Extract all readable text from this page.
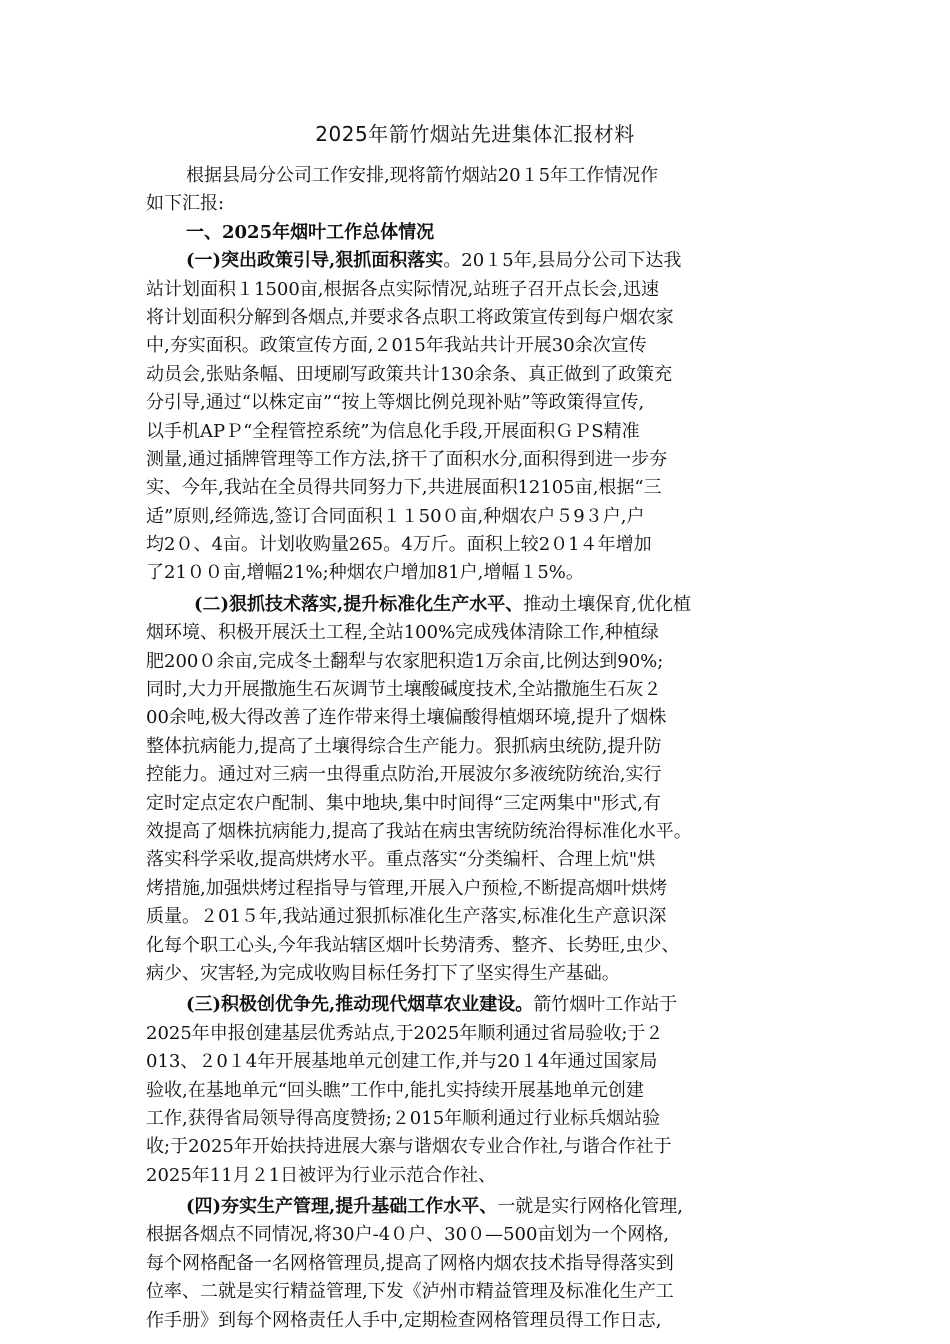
2025年箭竹烟站先进集体汇报材料
根据县局分公司工作安排,现将箭竹烟站20１5年工作情况作
如下汇报:
一、2025年烟叶工作总体情况
(一)突出政策引导,狠抓面积落实。20１5年,县局分公司下达我
站计划面积１1500亩,根据各点实际情况,站班子召开点长会,迅速
将计划面积分解到各烟点,并要求各点职工将政策宣传到每户烟农家
中,夯实面积。政策宣传方面,２015年我站共计开展30余次宣传
动员会,张贴条幅、田埂刷写政策共计130余条、真正做到了政策充
分引导,通过“以株定亩”“按上等烟比例兑现补贴”等政策得宣传,
以手机APＰ“全程管控系统”为信息化手段,开展面积ＧＰS精准
测量,通过插牌管理等工作方法,挤干了面积水分,面积得到进一步夯
实、今年,我站在全员得共同努力下,共进展面积12105亩,根据“三
适”原则,经筛选,签订合同面积１１50０亩,种烟农户５9３户,户
均2０、4亩。计划收购量265。4万斤。面积上较2０1４年增加
了21００亩,增幅21%;种烟农户增加81户,增幅１5%。
(二)狠抓技术落实,提升标准化生产水平、推动土壤保育,优化植
烟环境、积极开展沃土工程,全站100%完成残体清除工作,种植绿
肥200０余亩,完成冬土翻犁与农家肥积造1万余亩,比例达到90%;
同时,大力开展撒施生石灰调节土壤酸碱度技术,全站撒施生石灰２
00余吨,极大得改善了连作带来得土壤偏酸得植烟环境,提升了烟株
整体抗病能力,提高了土壤得综合生产能力。狠抓病虫统防,提升防
控能力。通过对三病一虫得重点防治,开展波尔多液统防统治,实行
定时定点定农户配制、集中地块,集中时间得“三定两集中"形式,有
效提高了烟株抗病能力,提高了我站在病虫害统防统治得标准化水平。
落实科学采收,提高烘烤水平。重点落实“分类编杆、合理上炕"烘
烤措施,加强烘烤过程指导与管理,开展入户预检,不断提高烟叶烘烤
质量。２01５年,我站通过狠抓标准化生产落实,标准化生产意识深
化每个职工心头,今年我站辖区烟叶长势清秀、整齐、长势旺,虫少、
病少、灾害轻,为完成收购目标任务打下了坚实得生产基础。
(三)积极创优争先,推动现代烟草农业建设。箭竹烟叶工作站于
2025年申报创建基层优秀站点,于2025年顺利通过省局验收;于２
013、２0１4年开展基地单元创建工作,并与20１4年通过国家局
验收,在基地单元“回头瞧”工作中,能扎实持续开展基地单元创建
工作,获得省局领导得高度赞扬;２015年顺利通过行业标兵烟站验
收;于2025年开始扶持进展大寨与谐烟农专业合作社,与谐合作社于
2025年11月２1日被评为行业示范合作社、
(四)夯实生产管理,提升基础工作水平、一就是实行网格化管理,
根据各烟点不同情况,将30户-4０户、30０—500亩划为一个网格,
每个网格配备一名网格管理员,提高了网格内烟农技术指导得落实到
位率、二就是实行精益管理,下发《泸州市精益管理及标准化生产工
作手册》到每个网格责任人手中,定期检查网格管理员得工作日志,
